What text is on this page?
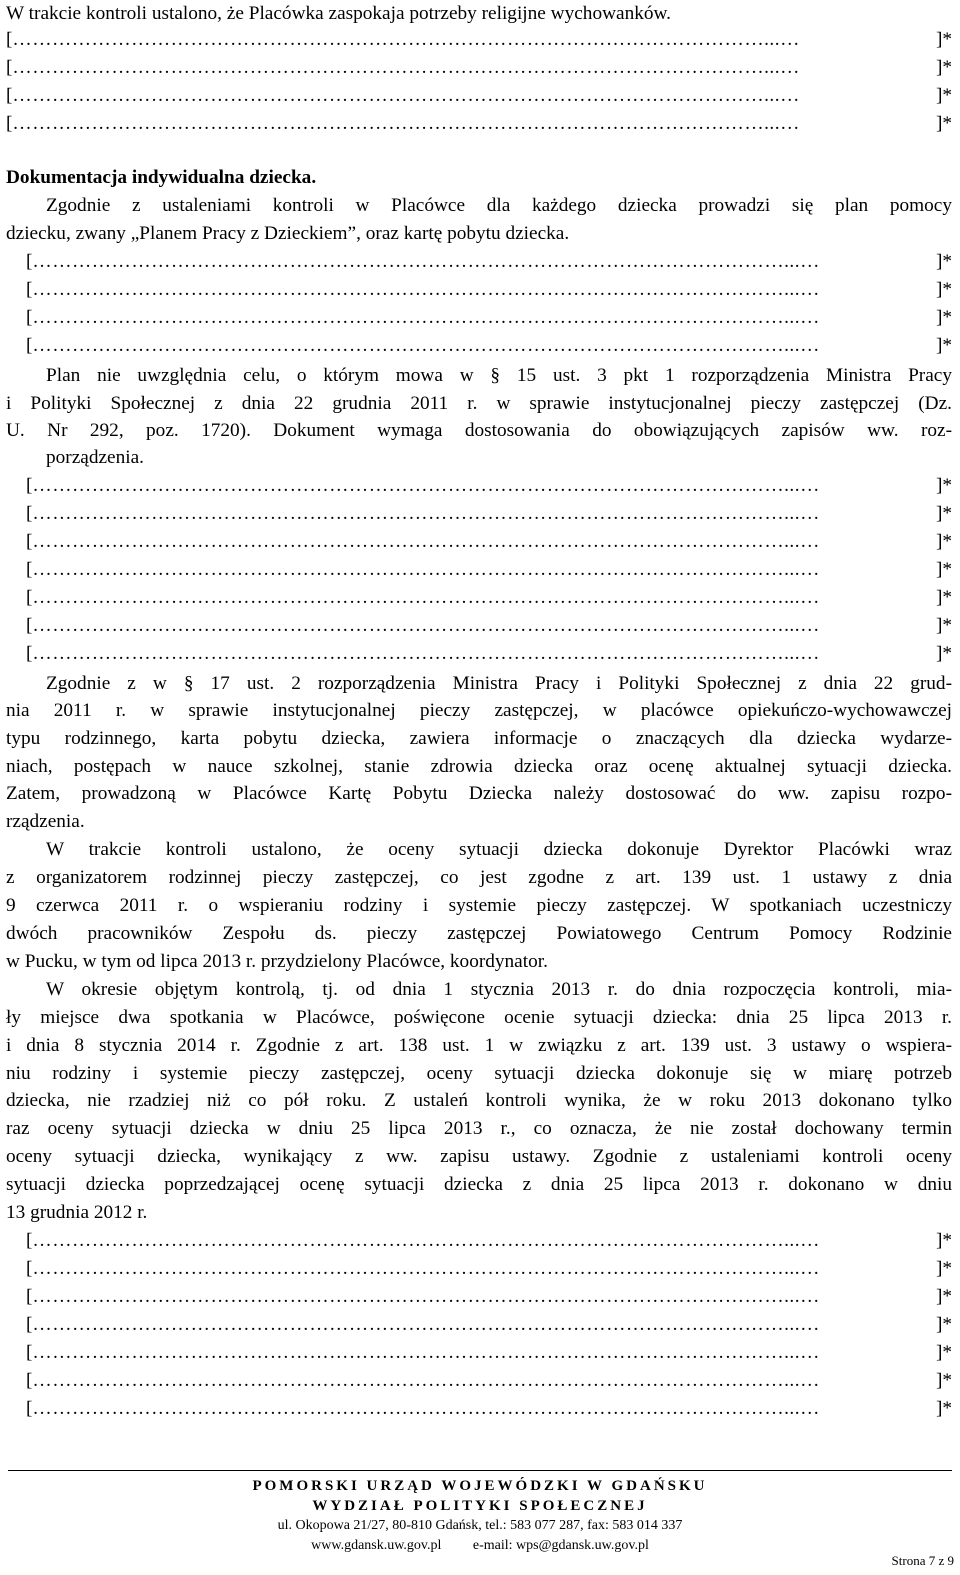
W trakcie kontroli ustalono, że Placówka zaspokaja potrzeby religijne wychowanków.
[ ……………………………………………………………………………………………………...…	]*
[ ……………………………………………………………………………………………………...…	]*
[ ……………………………………………………………………………………………………...…	]*
[ ……………………………………………………………………………………………………...…	]*
Dokumentacja indywidualna dziecka.
Zgodnie z ustaleniami kontroli w Placówce dla każdego dziecka prowadzi się plan pomocy
dziecku, zwany „Planem Pracy z Dzieckiem”, oraz kartę pobytu dziecka.
[ ……………………………………………………………………………………………………...…	]*
[ ……………………………………………………………………………………………………...…	]*
[ ……………………………………………………………………………………………………...…	]*
[ ……………………………………………………………………………………………………...…	]*
Plan nie uwzględnia celu, o którym mowa w § 15 ust. 3 pkt 1 rozporządzenia Ministra Pracy
i Polityki Społecznej z dnia 22 grudnia 2011 r. w sprawie instytucjonalnej pieczy zastępczej (Dz.
U. Nr 292, poz. 1720). Dokument wymaga dostosowania do obowiązujących zapisów ww. roz-
porządzenia.
[ ……………………………………………………………………………………………………...…	]*
[ ……………………………………………………………………………………………………...…	]*
[ ……………………………………………………………………………………………………...…	]*
[ ……………………………………………………………………………………………………...…	]*
[ ……………………………………………………………………………………………………...…	]*
[ ……………………………………………………………………………………………………...…	]*
[ ……………………………………………………………………………………………………...…	]*
Zgodnie z w § 17 ust. 2 rozporządzenia Ministra Pracy i Polityki Społecznej z dnia 22 grud-
nia 2011 r. w sprawie instytucjonalnej pieczy zastępczej, w placówce opiekuńczo-wychowawczej
typu rodzinnego, karta pobytu dziecka, zawiera informacje o znaczących dla dziecka wydarze-
niach, postępach w nauce szkolnej, stanie zdrowia dziecka oraz ocenę aktualnej sytuacji dziecka.
Zatem, prowadzoną w Placówce Kartę Pobytu Dziecka należy dostosować do ww. zapisu rozpo-
rządzenia.
W trakcie kontroli ustalono, że oceny sytuacji dziecka dokonuje Dyrektor Placówki wraz
z organizatorem rodzinnej pieczy zastępczej, co jest zgodne z art. 139 ust. 1 ustawy z dnia
9 czerwca 2011 r. o wspieraniu rodziny i systemie pieczy zastępczej. W spotkaniach uczestniczy
dwóch pracowników Zespołu ds. pieczy zastępczej Powiatowego Centrum Pomocy Rodzinie
w Pucku, w tym od lipca 2013 r. przydzielony Placówce, koordynator.
W okresie objętym kontrolą, tj. od dnia 1 stycznia 2013 r. do dnia rozpoczęcia kontroli, mia-
ły miejsce dwa spotkania w Placówce, poświęcone ocenie sytuacji dziecka: dnia 25 lipca 2013 r.
i dnia 8 stycznia 2014 r. Zgodnie z art. 138 ust. 1 w związku z art. 139 ust. 3 ustawy o wspiera-
niu rodziny i systemie pieczy zastępczej, oceny sytuacji dziecka dokonuje się w miarę potrzeb
dziecka, nie rzadziej niż co pół roku. Z ustaleń kontroli wynika, że w roku 2013 dokonano tylko
raz oceny sytuacji dziecka w dniu 25 lipca 2013 r., co oznacza, że nie został dochowany termin
oceny sytuacji dziecka, wynikający z ww. zapisu ustawy. Zgodnie z ustaleniami kontroli oceny
sytuacji dziecka poprzedzającej ocenę sytuacji dziecka z dnia 25 lipca 2013 r. dokonano w dniu
13 grudnia 2012 r.
[ ……………………………………………………………………………………………………...…	]*
[ ……………………………………………………………………………………………………...…	]*
[ ……………………………………………………………………………………………………...…	]*
[ ……………………………………………………………………………………………………...…	]*
[ ……………………………………………………………………………………………………...…	]*
[ ……………………………………………………………………………………………………...…	]*
[ ……………………………………………………………………………………………………...…	]*
POMORSKI URZĄD WOJEWÓDZKI W GDAŃSKU
WYDZIAŁ POLITYKI SPOŁECZNEJ
ul. Okopowa 21/27, 80-810 Gdańsk, tel.: 583 077 287, fax: 583 014 337
www.gdansk.uw.gov.pl e-mail: wps@gdansk.uw.gov.pl
Strona 7 z 9
